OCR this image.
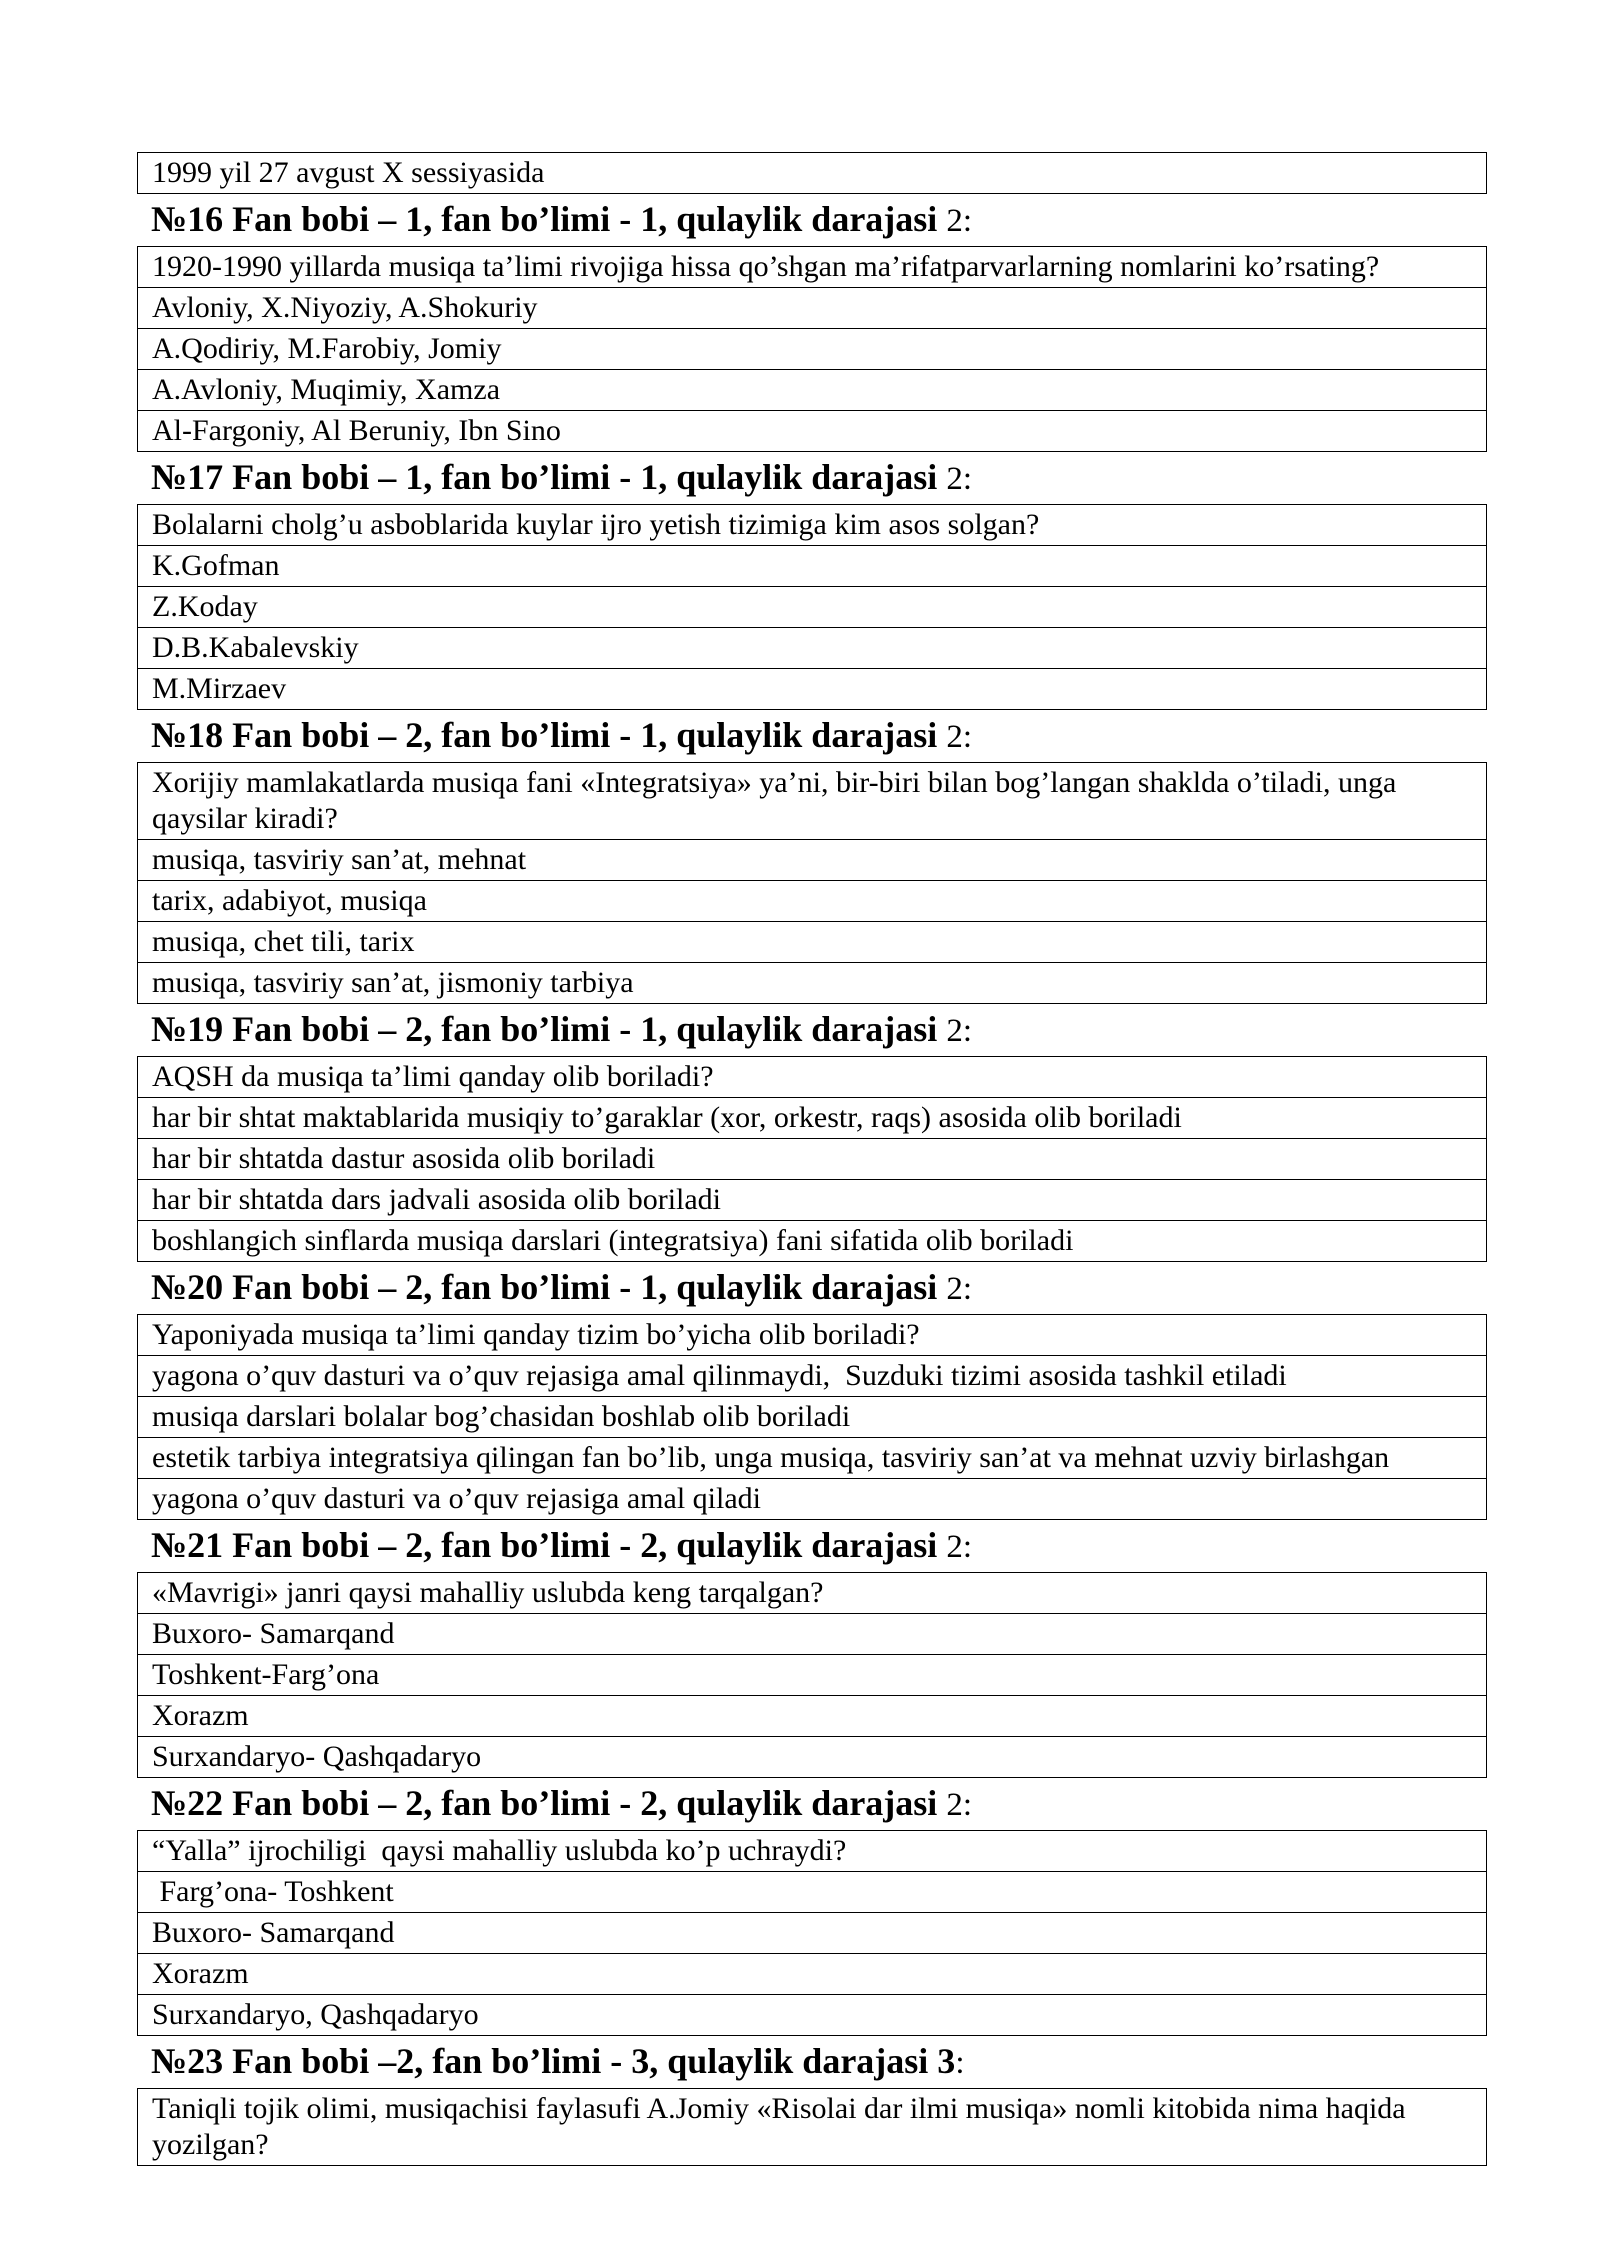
1999 yil 27 avgust X sessiyasida
№16 Fan bobi – 1, fan bo’limi - 1, qulaylik darajasi 2:
1920-1990 yillarda musiqa ta’limi rivojiga hissa qo’shgan ma’rifatparvarlarning nomlarini ko’rsating?
Avloniy, X.Niyoziy, A.Shokuriy
A.Qodiriy, M.Farobiy, Jomiy
A.Avloniy, Muqimiy, Xamza
Al-Fargoniy, Al Beruniy, Ibn Sino
№17 Fan bobi – 1, fan bo’limi - 1, qulaylik darajasi 2:
Bolalarni cholg’u asboblarida kuylar ijro yetish tizimiga kim asos solgan?
K.Gofman
Z.Koday
D.B.Kabalevskiy
M.Mirzaev
№18 Fan bobi – 2, fan bo’limi - 1, qulaylik darajasi 2:
Xorijiy mamlakatlarda musiqa fani «Integratsiya» ya’ni, bir-biri bilan bog’langan shaklda o’tiladi, unga qaysilar kiradi?
musiqa, tasviriy san’at, mehnat
tarix, adabiyot, musiqa
musiqa, chet tili, tarix
musiqa, tasviriy san’at, jismoniy tarbiya
№19 Fan bobi – 2, fan bo’limi - 1, qulaylik darajasi 2:
AQSH da musiqa ta’limi qanday olib boriladi?
har bir shtat maktablarida musiqiy to’garaklar (xor, orkestr, raqs) asosida olib boriladi
har bir shtatda dastur asosida olib boriladi
har bir shtatda dars jadvali asosida olib boriladi
boshlangich sinflarda musiqa darslari (integratsiya) fani sifatida olib boriladi
№20 Fan bobi – 2, fan bo’limi - 1, qulaylik darajasi 2:
Yaponiyada musiqa ta’limi qanday tizim bo’yicha olib boriladi?
yagona o’quv dasturi va o’quv rejasiga amal qilinmaydi,  Suzduki tizimi asosida tashkil etiladi
musiqa darslari bolalar bog’chasidan boshlab olib boriladi
estetik tarbiya integratsiya qilingan fan bo’lib, unga musiqa, tasviriy san’at va mehnat uzviy birlashgan
yagona o’quv dasturi va o’quv rejasiga amal qiladi
№21 Fan bobi – 2, fan bo’limi - 2, qulaylik darajasi 2:
«Mavrigi» janri qaysi mahalliy uslubda keng tarqalgan?
Buxoro- Samarqand
Toshkent-Farg’ona
Xorazm
Surxandaryo- Qashqadaryo
№22 Fan bobi – 2, fan bo’limi - 2, qulaylik darajasi 2:
“Yalla” ijrochiligi  qaysi mahalliy uslubda ko’p uchraydi?
Farg’ona- Toshkent
Buxoro- Samarqand
Xorazm
Surxandaryo, Qashqadaryo
№23 Fan bobi –2, fan bo’limi - 3, qulaylik darajasi 3:
Taniqli tojik olimi, musiqachisi faylasufi A.Jomiy «Risolai dar ilmi musiqa» nomli kitobida nima haqida yozilgan?
